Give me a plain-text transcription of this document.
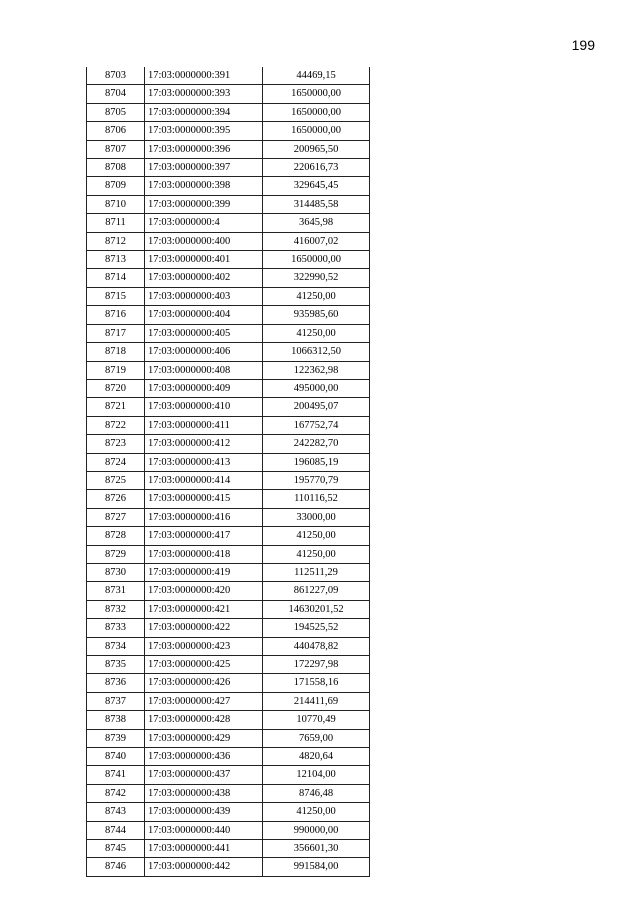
199
8703	17:03:0000000:391	44469,15
8704	17:03:0000000:393	1650000,00
8705	17:03:0000000:394	1650000,00
8706	17:03:0000000:395	1650000,00
8707	17:03:0000000:396	200965,50
8708	17:03:0000000:397	220616,73
8709	17:03:0000000:398	329645,45
8710	17:03:0000000:399	314485,58
8711	17:03:0000000:4	3645,98
8712	17:03:0000000:400	416007,02
8713	17:03:0000000:401	1650000,00
8714	17:03:0000000:402	322990,52
8715	17:03:0000000:403	41250,00
8716	17:03:0000000:404	935985,60
8717	17:03:0000000:405	41250,00
8718	17:03:0000000:406	1066312,50
8719	17:03:0000000:408	122362,98
8720	17:03:0000000:409	495000,00
8721	17:03:0000000:410	200495,07
8722	17:03:0000000:411	167752,74
8723	17:03:0000000:412	242282,70
8724	17:03:0000000:413	196085,19
8725	17:03:0000000:414	195770,79
8726	17:03:0000000:415	110116,52
8727	17:03:0000000:416	33000,00
8728	17:03:0000000:417	41250,00
8729	17:03:0000000:418	41250,00
8730	17:03:0000000:419	112511,29
8731	17:03:0000000:420	861227,09
8732	17:03:0000000:421	14630201,52
8733	17:03:0000000:422	194525,52
8734	17:03:0000000:423	440478,82
8735	17:03:0000000:425	172297,98
8736	17:03:0000000:426	171558,16
8737	17:03:0000000:427	214411,69
8738	17:03:0000000:428	10770,49
8739	17:03:0000000:429	7659,00
8740	17:03:0000000:436	4820,64
8741	17:03:0000000:437	12104,00
8742	17:03:0000000:438	8746,48
8743	17:03:0000000:439	41250,00
8744	17:03:0000000:440	990000,00
8745	17:03:0000000:441	356601,30
8746	17:03:0000000:442	991584,00
